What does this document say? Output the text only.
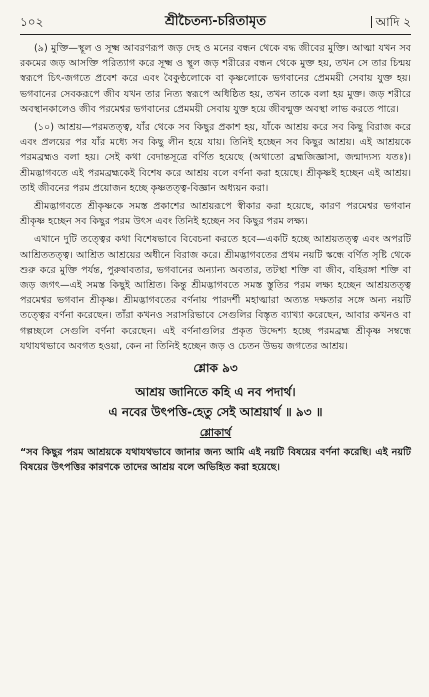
১০২	শ্রীচৈতন্য-চরিতামৃত	আদি ২

(৯) মুক্তি—স্থূল ও সূক্ষ্ম আবরণরূপ জড় দেহ ও মনের বন্ধন থেকে বদ্ধ জীবের মুক্তি। আত্মা যখন সব রকমের জড় আসক্তি পরিত্যাগ করে সূক্ষ্ম ও স্থূল জড় শরীরের বন্ধন থেকে মুক্ত হয়, তখন সে তার চিন্ময় স্বরূপে চিৎ-জগতে প্রবেশ করে এবং বৈকুণ্ঠলোকে বা কৃষ্ণলোকে ভগবানের প্রেমময়ী সেবায় যুক্ত হয়। ভগবানের সেবকরূপে জীব যখন তার নিত্য স্বরূপে অধিষ্ঠিত হয়, তখন তাকে বলা হয় মুক্ত। জড় শরীরে অবস্থানকালেও জীব পরমেশ্বর ভগবানের প্রেমময়ী সেবায় যুক্ত হয়ে জীবন্মুক্ত অবস্থা লাভ করতে পারে।

(১০) আশ্রয়—পরমতত্ত্ব, যাঁর থেকে সব কিছুর প্রকাশ হয়, যাঁকে আশ্রয় করে সব কিছু বিরাজ করে এবং প্রলয়ের পর যাঁর মধ্যে সব কিছু লীন হয়ে যায়। তিনিই হচ্ছেন সব কিছুর আশ্রয়। এই আশ্রয়কে পরমব্রহ্মও বলা হয়। সেই কথা বেদান্তসূত্রে বর্ণিত হয়েছে (অথাতো ব্রহ্মজিজ্ঞাসা, জন্মাদ্যস্য যতঃ)। শ্রীমদ্ভাগবতে এই পরমব্রহ্মকেই বিশেষ করে আশ্রয় বলে বর্ণনা করা হয়েছে। শ্রীকৃষ্ণই হচ্ছেন এই আশ্রয়। তাই জীবনের পরম প্রয়োজন হচ্ছে কৃষ্ণতত্ত্ব-বিজ্ঞান অধ্যয়ন করা।

শ্রীমদ্ভাগবতে শ্রীকৃষ্ণকে সমস্ত প্রকাশের আশ্রয়রূপে স্বীকার করা হয়েছে, কারণ পরমেশ্বর ভগবান শ্রীকৃষ্ণ হচ্ছেন সব কিছুর পরম উৎস এবং তিনিই হচ্ছেন সব কিছুর পরম লক্ষ্য।

এখানে দুটি তত্ত্বের কথা বিশেষভাবে বিবেচনা করতে হবে—একটি হচ্ছে আশ্রয়তত্ত্ব এবং অপরটি আশ্রিততত্ত্ব। আশ্রিত আশ্রয়ের অধীনে বিরাজ করে। শ্রীমদ্ভাগবতের প্রথম নয়টি স্কন্ধে বর্ণিত সৃষ্টি থেকে শুরু করে মুক্তি পর্যন্ত, পুরুষাবতার, ভগবানের অন্যান্য অবতার, তটস্থা শক্তি বা জীব, বহিরঙ্গা শক্তি বা জড় জগৎ—এই সমস্ত কিছুই আশ্রিত। কিন্তু শ্রীমদ্ভাগবতে সমস্ত স্তুতির পরম লক্ষ্য হচ্ছেন আশ্রয়তত্ত্ব পরমেশ্বর ভগবান শ্রীকৃষ্ণ। শ্রীমদ্ভাগবতের বর্ণনায় পারদর্শী মহাত্মারা অত্যন্ত দক্ষতার সঙ্গে অন্য নয়টি তত্ত্বের বর্ণনা করেছেন। তাঁরা কখনও সরাসরিভাবে সেগুলির বিস্তৃত ব্যাখ্যা করেছেন, আবার কখনও বা গল্পচ্ছলে সেগুলি বর্ণনা করেছেন। এই বর্ণনাগুলির প্রকৃত উদ্দেশ্য হচ্ছে পরমব্রহ্ম শ্রীকৃষ্ণ সম্বন্ধে যথাযথভাবে অবগত হওয়া, কেন না তিনিই হচ্ছেন জড় ও চেতন উভয় জগতের আশ্রয়।

শ্লোক ৯৩
আশ্রয় জানিতে কহি এ নব পদার্থ।
এ নবের উৎপত্তি-হেতু সেই আশ্রয়ার্থ ॥ ৯৩ ॥
শ্লোকার্থ

“সব কিছুর পরম আশ্রয়কে যথাযথভাবে জানার জন্য আমি এই নয়টি বিষয়ের বর্ণনা করেছি। এই নয়টি বিষয়ের উৎপত্তির কারণকে তাদের আশ্রয় বলে অভিহিত করা হয়েছে।
